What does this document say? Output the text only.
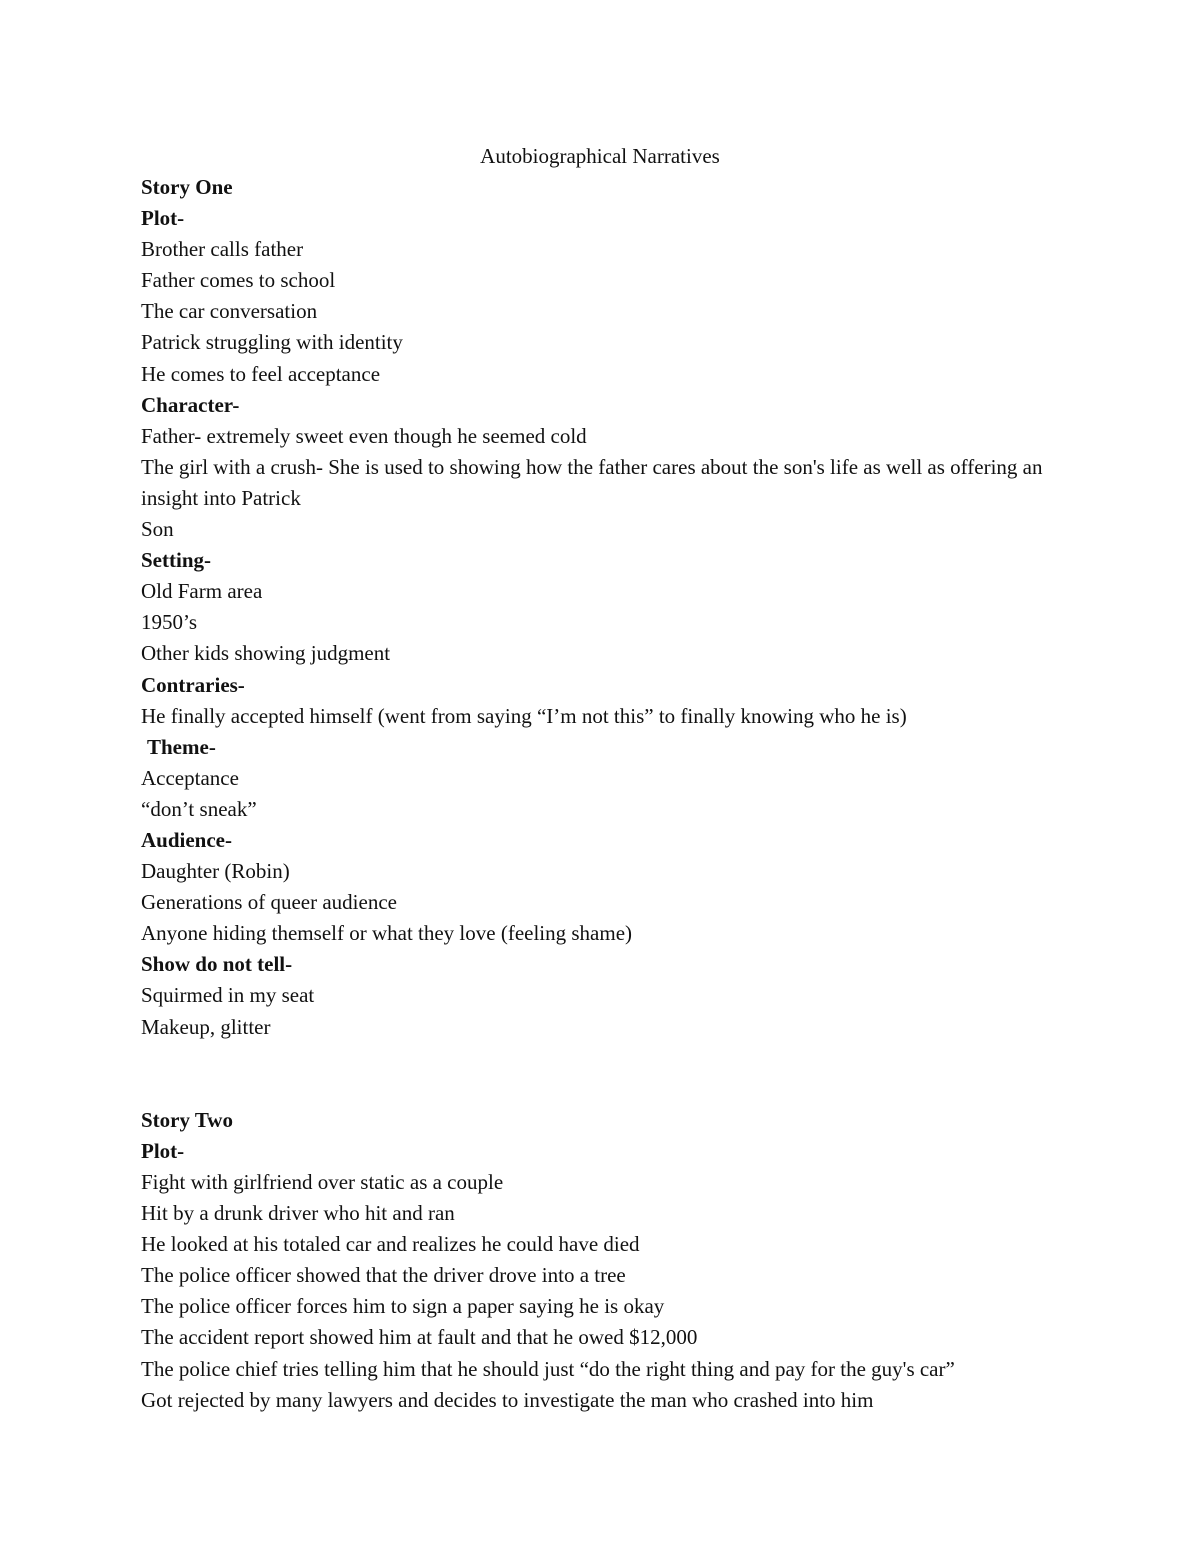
Autobiographical Narratives
Story One
Plot-
Brother calls father
Father comes to school
The car conversation
Patrick struggling with identity
He comes to feel acceptance
Character-
Father- extremely sweet even though he seemed cold
The girl with a crush- She is used to showing how the father cares about the son's life as well as offering an insight into Patrick
Son
Setting-
Old Farm area
1950’s
Other kids showing judgment
Contraries-
He finally accepted himself (went from saying “I’m not this” to finally knowing who he is)
Theme-
Acceptance
“don’t sneak”
Audience-
Daughter (Robin)
Generations of queer audience
Anyone hiding themself or what they love (feeling shame)
Show do not tell-
Squirmed in my seat
Makeup, glitter
Story Two
Plot-
Fight with girlfriend over static as a couple
Hit by a drunk driver who hit and ran
He looked at his totaled car and realizes he could have died
The police officer showed that the driver drove into a tree
The police officer forces him to sign a paper saying he is okay
The accident report showed him at fault and that he owed $12,000
The police chief tries telling him that he should just “do the right thing and pay for the guy's car”
Got rejected by many lawyers and decides to investigate the man who crashed into him
